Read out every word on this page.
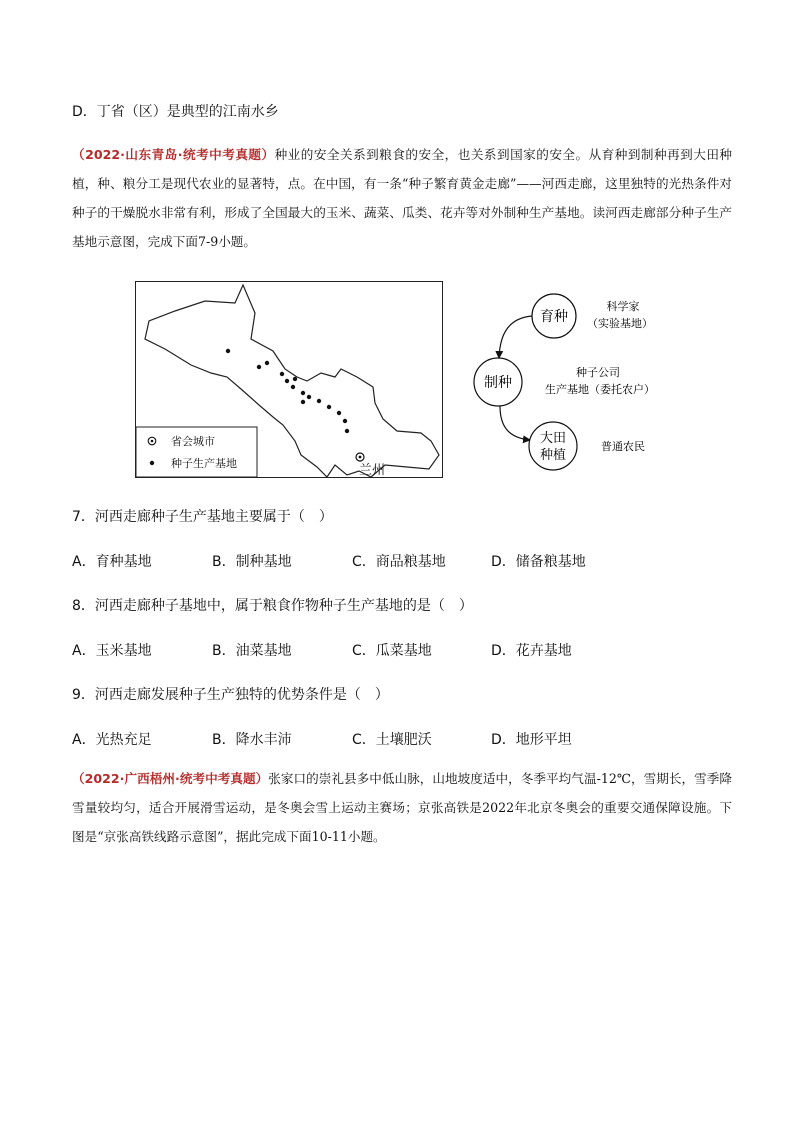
D．丁省（区）是典型的江南水乡
（2022·山东青岛·统考中考真题）种业的安全关系到粮食的安全，也关系到国家的安全。从育种到制种再到大田种植，种、粮分工是现代农业的显著特，点。在中国，有一条“种子繁育黄金走廊”——河西走廊，这里独特的光热条件对种子的干燥脱水非常有利，形成了全国最大的玉米、蔬菜、瓜类、花卉等对外制种生产基地。读河西走廊部分种子生产基地示意图，完成下面7-9小题。
兰州
省会城市
种子生产基地
育种
制种
大田
种植
科学家
（实验基地）
种子公司
生产基地（委托农户）
普通农民
7．河西走廊种子生产基地主要属于（　）
A．育种基地	B．制种基地	C．商品粮基地	D．储备粮基地
8．河西走廊种子基地中，属于粮食作物种子生产基地的是（　）
A．玉米基地	B．油菜基地	C．瓜菜基地	D．花卉基地
9．河西走廊发展种子生产独特的优势条件是（　）
A．光热充足	B．降水丰沛	C．土壤肥沃	D．地形平坦
（2022·广西梧州·统考中考真题）张家口的崇礼县多中低山脉，山地坡度适中，冬季平均气温-12℃，雪期长，雪季降雪量较均匀，适合开展滑雪运动，是冬奥会雪上运动主赛场；京张高铁是2022年北京冬奥会的重要交通保障设施。下图是“京张高铁线路示意图”，据此完成下面10-11小题。
